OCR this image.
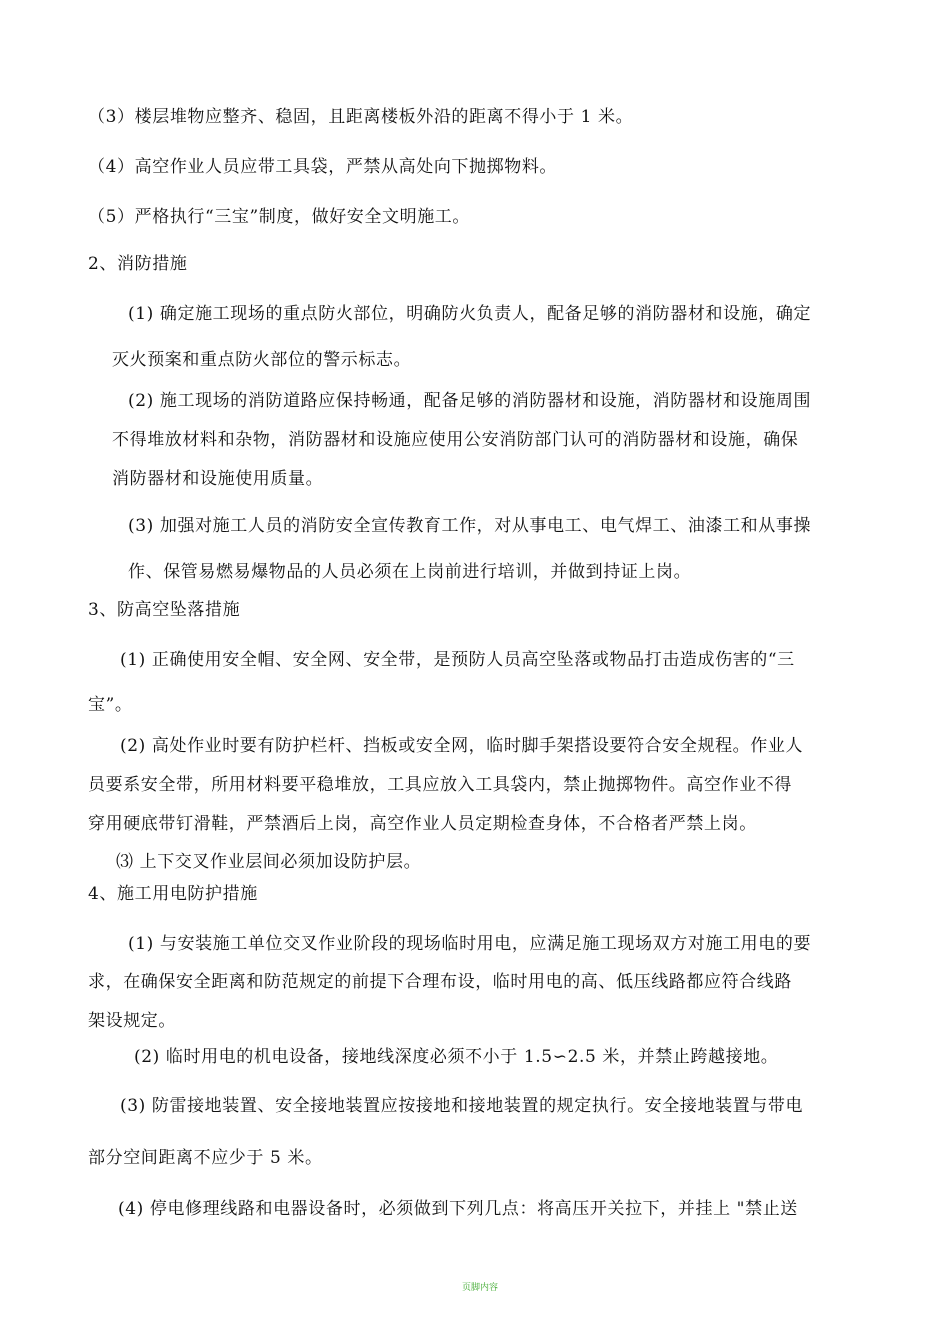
（3）楼层堆物应整齐、稳固，且距离楼板外沿的距离不得小于 1 米。
（4）高空作业人员应带工具袋，严禁从高处向下抛掷物料。
（5）严格执行“三宝”制度，做好安全文明施工。
2、消防措施
(1) 确定施工现场的重点防火部位，明确防火负责人，配备足够的消防器材和设施，确定
灭火预案和重点防火部位的警示标志。
(2) 施工现场的消防道路应保持畅通，配备足够的消防器材和设施，消防器材和设施周围
不得堆放材料和杂物，消防器材和设施应使用公安消防部门认可的消防器材和设施，确保
消防器材和设施使用质量。
(3) 加强对施工人员的消防安全宣传教育工作，对从事电工、电气焊工、油漆工和从事操
作、保管易燃易爆物品的人员必须在上岗前进行培训，并做到持证上岗。
3、防高空坠落措施
(1) 正确使用安全帽、安全网、安全带，是预防人员高空坠落或物品打击造成伤害的“三
宝”。
(2) 高处作业时要有防护栏杆、挡板或安全网，临时脚手架搭设要符合安全规程。作业人
员要系安全带，所用材料要平稳堆放，工具应放入工具袋内，禁止抛掷物件。高空作业不得
穿用硬底带钉滑鞋，严禁酒后上岗，高空作业人员定期检查身体，不合格者严禁上岗。
⑶ 上下交叉作业层间必须加设防护层。
4、施工用电防护措施
(1) 与安装施工单位交叉作业阶段的现场临时用电，应满足施工现场双方对施工用电的要
求，在确保安全距离和防范规定的前提下合理布设，临时用电的高、低压线路都应符合线路
架设规定。
(2) 临时用电的机电设备，接地线深度必须不小于 1.5∽2.5 米，并禁止跨越接地。
(3) 防雷接地装置、安全接地装置应按接地和接地装置的规定执行。安全接地装置与带电
部分空间距离不应少于 5 米。
(4) 停电修理线路和电器设备时，必须做到下列几点：将高压开关拉下，并挂上 "禁止送
页脚内容
